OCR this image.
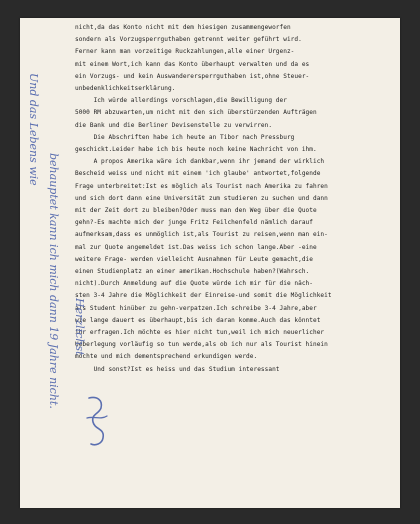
nicht,da das Konto nicht mit dem hiesigen zusammengeworfen
sondern als Vorzugsperrguthaben getrennt weiter geführt wird.
Ferner kann man vorzeitige Ruckzahlungen,alle einer Urgenz-
mit einem Wort,ich kann das Konto überhaupt verwalten und da es
ein Vorzugs- und kein Auswanderersperrguthaben ist,ohne Steuer-
unbedenklichkeitserklärung.
Ich würde allerdings vorschlagen,die Bewilligung der
5000 RM abzuwarten,um nicht mit den sich überstürzenden Aufträgen
die Bank und die Berliner Devisenstelle zu verwirren.
Die Abschriften habe ich heute an Tibor nach Pressburg
geschickt.Leider habe ich bis heute noch keine Nachricht von ihm.
A propos Amerika wäre ich dankbar,wenn ihr jemand der wirklich
Bescheid weiss und nicht mit einem 'ich glaube' antwortet,folgende
Frage unterbreitet:Ist es möglich als Tourist nach Amerika zu fahren
und sich dort dann eine Universität zum studieren zu suchen und dann
mit der Zeit dort zu bleiben?Oder muss man den Weg über die Quote
gehn?-Es machte mich der junge Fritz Feilchenfeld nämlich darauf
aufmerksam,dass es unmöglich ist,als Tourist zu reisen,wenn man ein-
mal zur Quote angemeldet ist.Das weiss ich schon lange.Aber -eine
weitere Frage- werden vielleicht Ausnahmen für Leute gemacht,die
einen Studienplatz an einer amerikan.Hochschule haben?(Wahrsch.
nicht).Durch Anmeldung auf die Quote würde ich mir für die näch-
sten 3-4 Jahre die Möglichkeit der Einreise-und somit die Möglichkeit
als Student hinüber zu gehn-verpatzen.Ich schreibe 3-4 Jahre,aber
wie lange dauert es überhaupt,bis ich daran komme.Auch das könntet
ihr erfragen.Ich möchte es hier nicht tun,weil ich mich neuerlicher
Ueberlegung vorläufig so tun werde,als ob ich nur als Tourist hinein
möchte und mich dementsprechend erkundigen werde.
Und sonst?Ist es heiss und das Studium interessant
Und das Lebens wie
behauptet kann ich mich dann 19 Jahre nicht. Herzlichst
